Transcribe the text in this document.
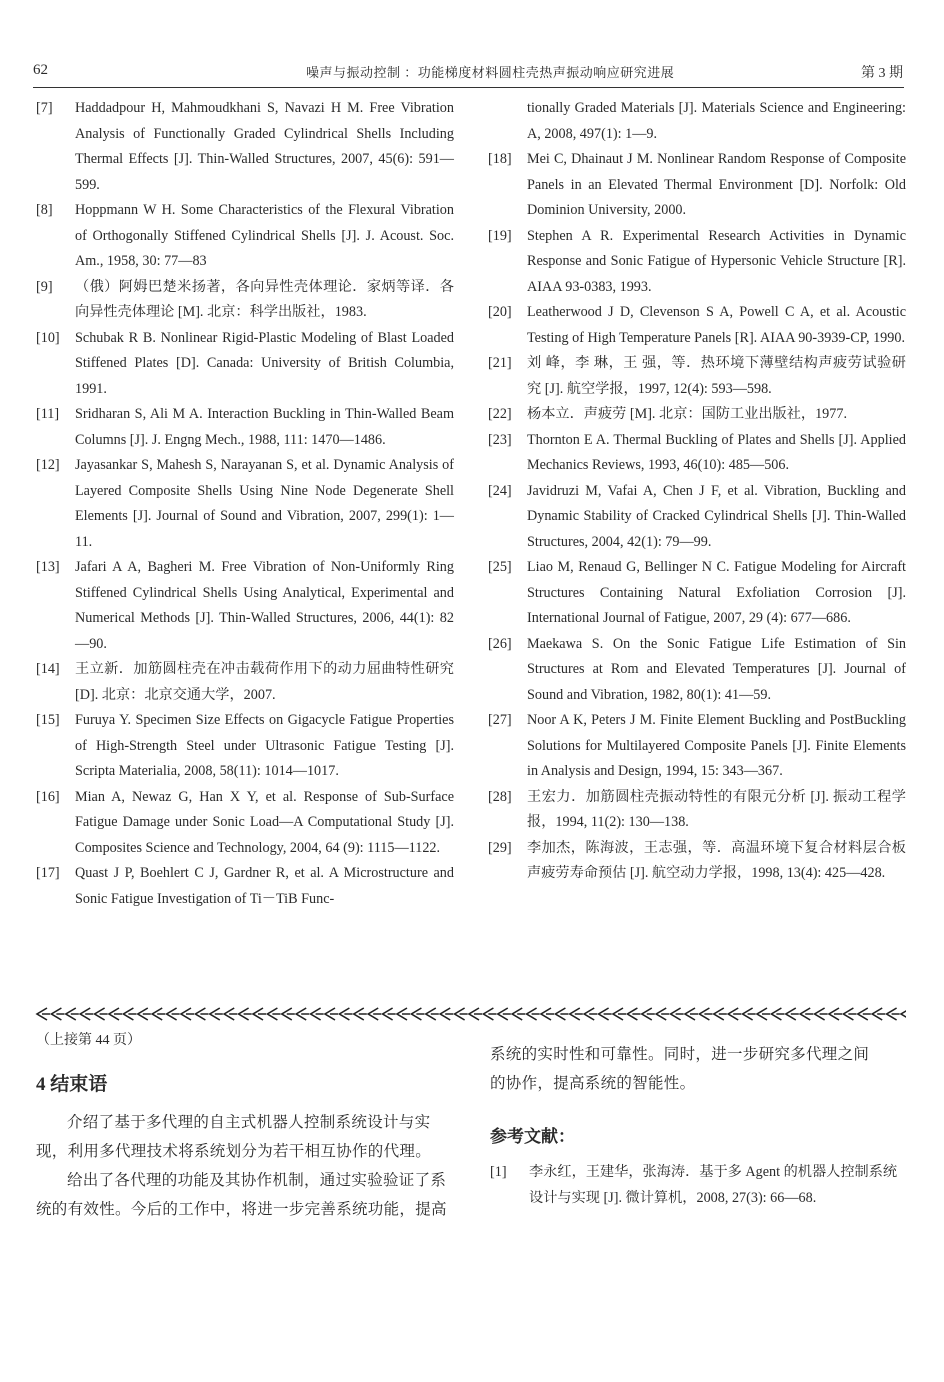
62	噪声与振动控制 ：功能梯度材料圆柱壳热声振动响应研究进展	第 3 期
[7] Haddadpour H, Mahmoudkhani S, Navazi H M. Free Vibration Analysis of Functionally Graded Cylindrical Shells Including Thermal Effects [J]. Thin-Walled Structures, 2007, 45(6): 591—599.
[8] Hoppmann W H. Some Characteristics of the Flexural Vibration of Orthogonally Stiffened Cylindrical Shells [J]. J. Acoust. Soc. Am., 1958, 30: 77—83
[9] （俄）阿姆巴楚米扬著，各向异性壳体理论．家炳等译．各向异性壳体理论 [M]. 北京：科学出版社，1983.
[10] Schubak R B. Nonlinear Rigid-Plastic Modeling of Blast Loaded Stiffened Plates [D]. Canada: University of British Columbia, 1991.
[11] Sridharan S, Ali M A. Interaction Buckling in Thin-Walled Beam Columns [J]. J. Engng Mech., 1988, 111: 1470—1486.
[12] Jayasankar S, Mahesh S, Narayanan S, et al. Dynamic Analysis of Layered Composite Shells Using Nine Node Degenerate Shell Elements [J]. Journal of Sound and Vibration, 2007, 299(1): 1—11.
[13] Jafari A A, Bagheri M. Free Vibration of Non-Uniformly Ring Stiffened Cylindrical Shells Using Analytical, Experimental and Numerical Methods [J]. Thin-Walled Structures, 2006, 44(1): 82—90.
[14] 王立新．加筋圆柱壳在冲击载荷作用下的动力屈曲特性研究 [D]. 北京：北京交通大学，2007.
[15] Furuya Y. Specimen Size Effects on Gigacycle Fatigue Properties of High-Strength Steel under Ultrasonic Fatigue Testing [J]. Scripta Materialia, 2008, 58(11): 1014—1017.
[16] Mian A, Newaz G, Han X Y, et al. Response of Sub-Surface Fatigue Damage under Sonic Load—A Computational Study [J]. Composites Science and Technology, 2004, 64 (9): 1115—1122.
[17] Quast J P, Boehlert C J, Gardner R, et al. A Microstructure and Sonic Fatigue Investigation of Ti－TiB Func-
tionally Graded Materials [J]. Materials Science and Engineering: A, 2008, 497(1): 1—9.
[18] Mei C, Dhainaut J M. Nonlinear Random Response of Composite Panels in an Elevated Thermal Environment [D]. Norfolk: Old Dominion University, 2000.
[19] Stephen A R. Experimental Research Activities in Dynamic Response and Sonic Fatigue of Hypersonic Vehicle Structure [R]. AIAA 93-0383, 1993.
[20] Leatherwood J D, Clevenson S A, Powell C A, et al. Acoustic Testing of High Temperature Panels [R]. AIAA 90-3939-CP, 1990.
[21] 刘 峰，李 琳，王 强，等．热环境下薄壁结构声疲劳试验研究 [J]. 航空学报，1997, 12(4): 593—598.
[22] 杨本立．声疲劳 [M]. 北京：国防工业出版社，1977.
[23] Thornton E A. Thermal Buckling of Plates and Shells [J]. Applied Mechanics Reviews, 1993, 46(10): 485—506.
[24] Javidruzi M, Vafai A, Chen J F, et al. Vibration, Buckling and Dynamic Stability of Cracked Cylindrical Shells [J]. Thin-Walled Structures, 2004, 42(1): 79—99.
[25] Liao M, Renaud G, Bellinger N C. Fatigue Modeling for Aircraft Structures Containing Natural Exfoliation Corrosion [J]. International Journal of Fatigue, 2007, 29 (4): 677—686.
[26] Maekawa S. On the Sonic Fatigue Life Estimation of Sin Structures at Rom and Elevated Temperatures [J]. Journal of Sound and Vibration, 1982, 80(1): 41—59.
[27] Noor A K, Peters J M. Finite Element Buckling and PostBuckling Solutions for Multilayered Composite Panels [J]. Finite Elements in Analysis and Design, 1994, 15: 343—367.
[28] 王宏力．加筋圆柱壳振动特性的有限元分析 [J]. 振动工程学报，1994, 11(2): 130—138.
[29] 李加杰，陈海波，王志强，等．高温环境下复合材料层合板声疲劳寿命预估 [J]. 航空动力学报，1998, 13(4): 425—428.
（上接第 44 页）
4 结束语

介绍了基于多代理的自主式机器人控制系统设计与实现，利用多代理技术将系统划分为若干相互协作的代理。

给出了各代理的功能及其协作机制，通过实验验证了系统的有效性。今后的工作中，将进一步完善系统功能，提高

系统的实时性和可靠性。同时，进一步研究多代理之间

的协作，提高系统的智能性。

参考文献：
[1] 李永红，王建华，张海涛．基于多 Agent 的机器人控制系统设计与实现 [J]. 微计算机，2008, 27(3): 66—68.
